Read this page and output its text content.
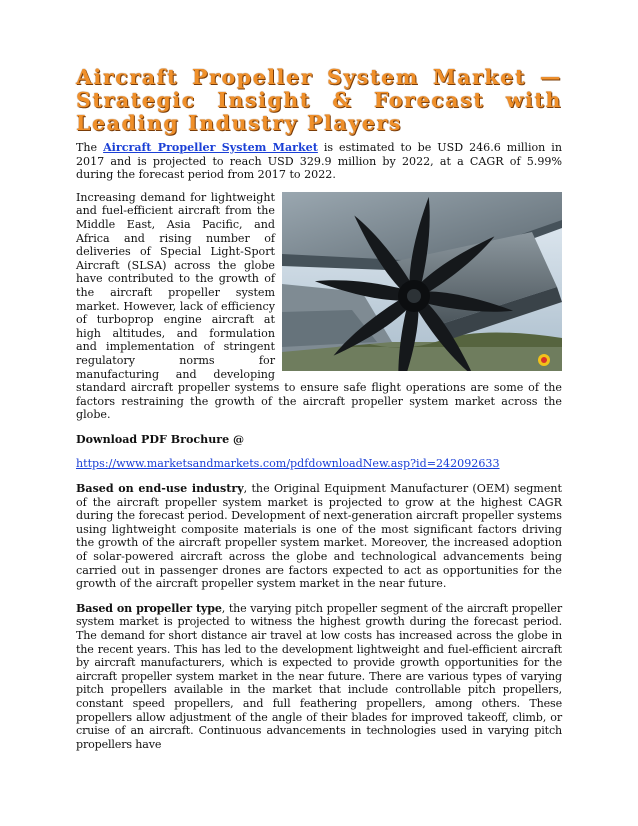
Aircraft Propeller System Market — Strategic Insight & Forecast with Leading Industry Players

The Aircraft Propeller System Market is estimated to be USD 246.6 million in 2017 and is projected to reach USD 329.9 million by 2022, at a CAGR of 5.99% during the forecast period from 2017 to 2022.

Increasing demand for lightweight and fuel-efficient aircraft from the Middle East, Asia Pacific, and Africa and rising number of deliveries of Special Light-Sport Aircraft (SLSA) across the globe have contributed to the growth of the aircraft propeller system market. However, lack of efficiency of turboprop engine aircraft at high altitudes, and formulation and implementation of stringent regulatory norms for manufacturing and developing standard aircraft propeller systems to ensure safe flight operations are some of the factors restraining the growth of the aircraft propeller system market across the globe.

Download PDF Brochure @

https://www.marketsandmarkets.com/pdfdownloadNew.asp?id=242092633

Based on end-use industry, the Original Equipment Manufacturer (OEM) segment of the aircraft propeller system market is projected to grow at the highest CAGR during the forecast period. Development of next-generation aircraft propeller systems using lightweight composite materials is one of the most significant factors driving the growth of the aircraft propeller system market. Moreover, the increased adoption of solar-powered aircraft across the globe and technological advancements being carried out in passenger drones are factors expected to act as opportunities for the growth of the aircraft propeller system market in the near future.

Based on propeller type, the varying pitch propeller segment of the aircraft propeller system market is projected to witness the highest growth during the forecast period. The demand for short distance air travel at low costs has increased across the globe in the recent years. This has led to the development lightweight and fuel-efficient aircraft by aircraft manufacturers, which is expected to provide growth opportunities for the aircraft propeller system market in the near future. There are various types of varying pitch propellers available in the market that include controllable pitch propellers, constant speed propellers, and full feathering propellers, among others. These propellers allow adjustment of the angle of their blades for improved takeoff, climb, or cruise of an aircraft. Continuous advancements in technologies used in varying pitch propellers have
